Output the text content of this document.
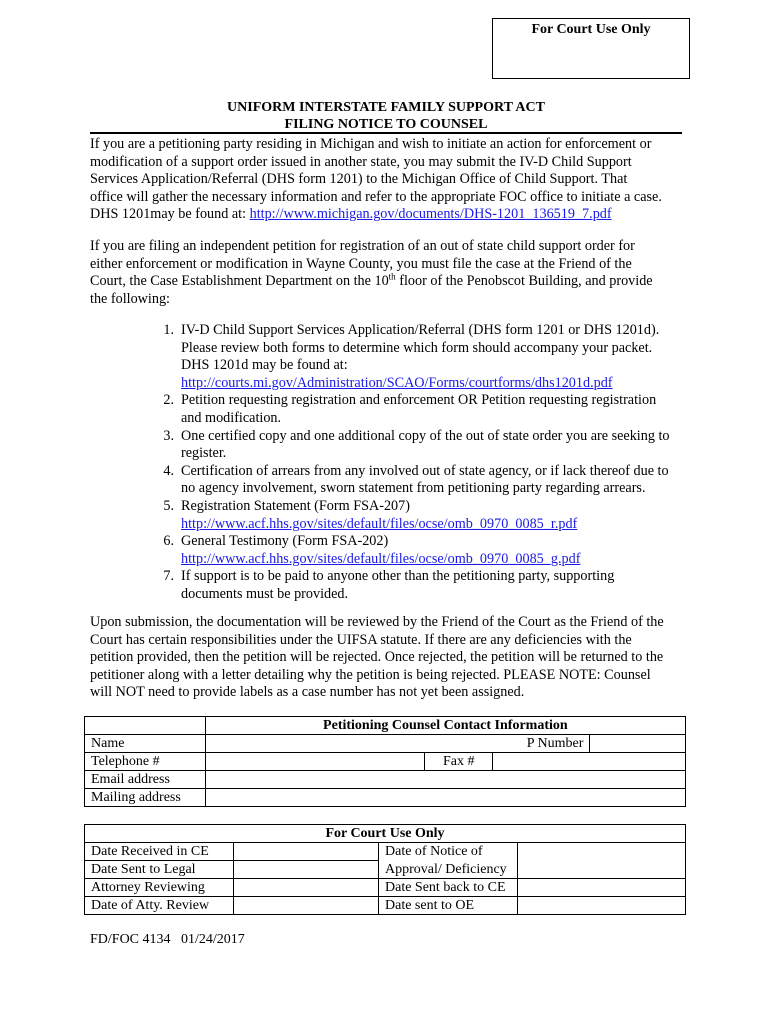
For Court Use Only
UNIFORM INTERSTATE FAMILY SUPPORT ACT
FILING NOTICE TO COUNSEL

If you are a petitioning party residing in Michigan and wish to initiate an action for enforcement or

modification of a support order issued in another state, you may submit the IV-D Child Support

Services Application/Referral (DHS form 1201) to the Michigan Office of Child Support. That

office will gather the necessary information and refer to the appropriate FOC office to initiate a case.

DHS 1201may be found at: http://www.michigan.gov/documents/DHS-1201_136519_7.pdf

If you are filing an independent petition for registration of an out of state child support order for

either enforcement or modification in Wayne County, you must file the case at the Friend of the

Court, the Case Establishment Department on the 10th floor of the Penobscot Building, and provide

the following:

1. IV-D Child Support Services Application/Referral (DHS form 1201 or DHS 1201d).
Please review both forms to determine which form should accompany your packet.
DHS 1201d may be found at:
http://courts.mi.gov/Administration/SCAO/Forms/courtforms/dhs1201d.pdf
2. Petition requesting registration and enforcement OR Petition requesting registration
and modification.
3. One certified copy and one additional copy of the out of state order you are seeking to
register.
4. Certification of arrears from any involved out of state agency, or if lack thereof due to
no agency involvement, sworn statement from petitioning party regarding arrears.
5. Registration Statement (Form FSA-207)
http://www.acf.hhs.gov/sites/default/files/ocse/omb_0970_0085_r.pdf
6. General Testimony (Form FSA-202)
http://www.acf.hhs.gov/sites/default/files/ocse/omb_0970_0085_g.pdf
7. If support is to be paid to anyone other than the petitioning party, supporting
documents must be provided.

Upon submission, the documentation will be reviewed by the Friend of the Court as the Friend of the

Court has certain responsibilities under the UIFSA statute. If there are any deficiencies with the

petition provided, then the petition will be rejected. Once rejected, the petition will be returned to the

petitioner along with a letter detailing why the petition is being rejected. PLEASE NOTE: Counsel

will NOT need to provide labels as a case number has not yet been assigned.

	Petitioning Counsel Contact Information			
Name			P Number	
Telephone #		Fax #		
Email address				
Mailing address				
For Court Use Only			
Date Received in CE		Date of Notice of	
Date Sent to Legal		Approval/ Deficiency	
Attorney Reviewing		Date Sent back to CE	
Date of Atty. Review		Date sent to OE	
FD/FOC 4134   01/24/2017
